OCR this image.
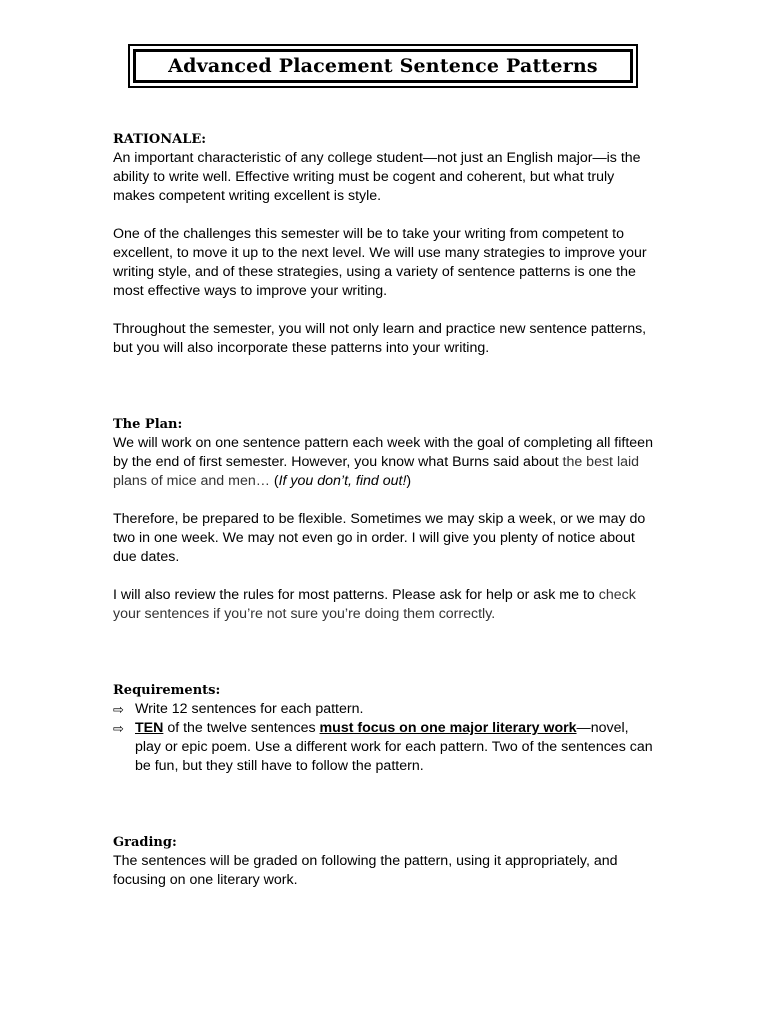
Advanced Placement Sentence Patterns
RATIONALE:

An important characteristic of any college student—not just an English major—is the ability to write well. Effective writing must be cogent and coherent, but what truly makes competent writing excellent is style.

One of the challenges this semester will be to take your writing from competent to excellent, to move it up to the next level. We will use many strategies to improve your writing style, and of these strategies, using a variety of sentence patterns is one the most effective ways to improve your writing.

Throughout the semester, you will not only learn and practice new sentence patterns, but you will also incorporate these patterns into your writing.

The Plan:

We will work on one sentence pattern each week with the goal of completing all fifteen by the end of first semester. However, you know what Burns said about the best laid plans of mice and men… (If you don’t, find out!)

Therefore, be prepared to be flexible. Sometimes we may skip a week, or we may do two in one week. We may not even go in order. I will give you plenty of notice about due dates.

I will also review the rules for most patterns. Please ask for help or ask me to check your sentences if you’re not sure you’re doing them correctly.

Requirements:
⇨ Write 12 sentences for each pattern.
⇨ TEN of the twelve sentences must focus on one major literary work—novel, play or epic poem. Use a different work for each pattern. Two of the sentences can be fun, but they still have to follow the pattern.
Grading:

The sentences will be graded on following the pattern, using it appropriately, and focusing on one literary work.
